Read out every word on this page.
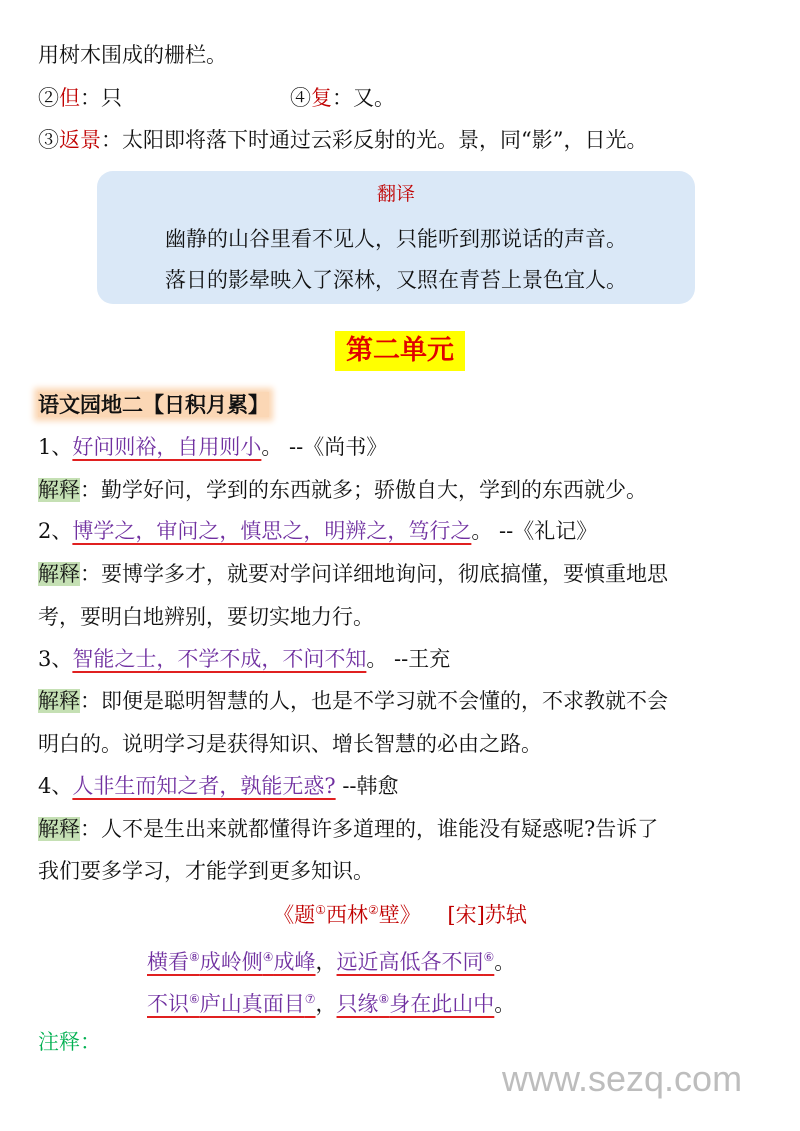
用树木围成的栅栏。
②但：只	④复：又。
③返景：太阳即将落下时通过云彩反射的光。景，同“影”，日光。
翻译
幽静的山谷里看不见人，只能听到那说话的声音。
落日的影晕映入了深林，又照在青苔上景色宜人。
第二单元
语文园地二【日积月累】
1、好问则裕，自用则小。 --《尚书》
解释：勤学好问，学到的东西就多；骄傲自大，学到的东西就少。
2、博学之，审问之，慎思之，明辨之，笃行之。 --《礼记》
解释：要博学多才，就要对学问详细地询问，彻底搞懂，要慎重地思
考，要明白地辨别，要切实地力行。
3、智能之士，不学不成，不问不知。 --王充
解释：即便是聪明智慧的人，也是不学习就不会懂的，不求教就不会
明白的。说明学习是获得知识、增长智慧的必由之路。
4、人非生而知之者，孰能无惑? --韩愈
解释：人不是生出来就都懂得许多道理的，谁能没有疑惑呢?告诉了
我们要多学习，才能学到更多知识。
《题①西林②壁》 [宋]苏轼
横看⑧成岭侧④成峰，远近高低各不同⑥。
不识⑥庐山真面目⑦，只缘⑧身在此山中。
注释：
www.sezq.com
